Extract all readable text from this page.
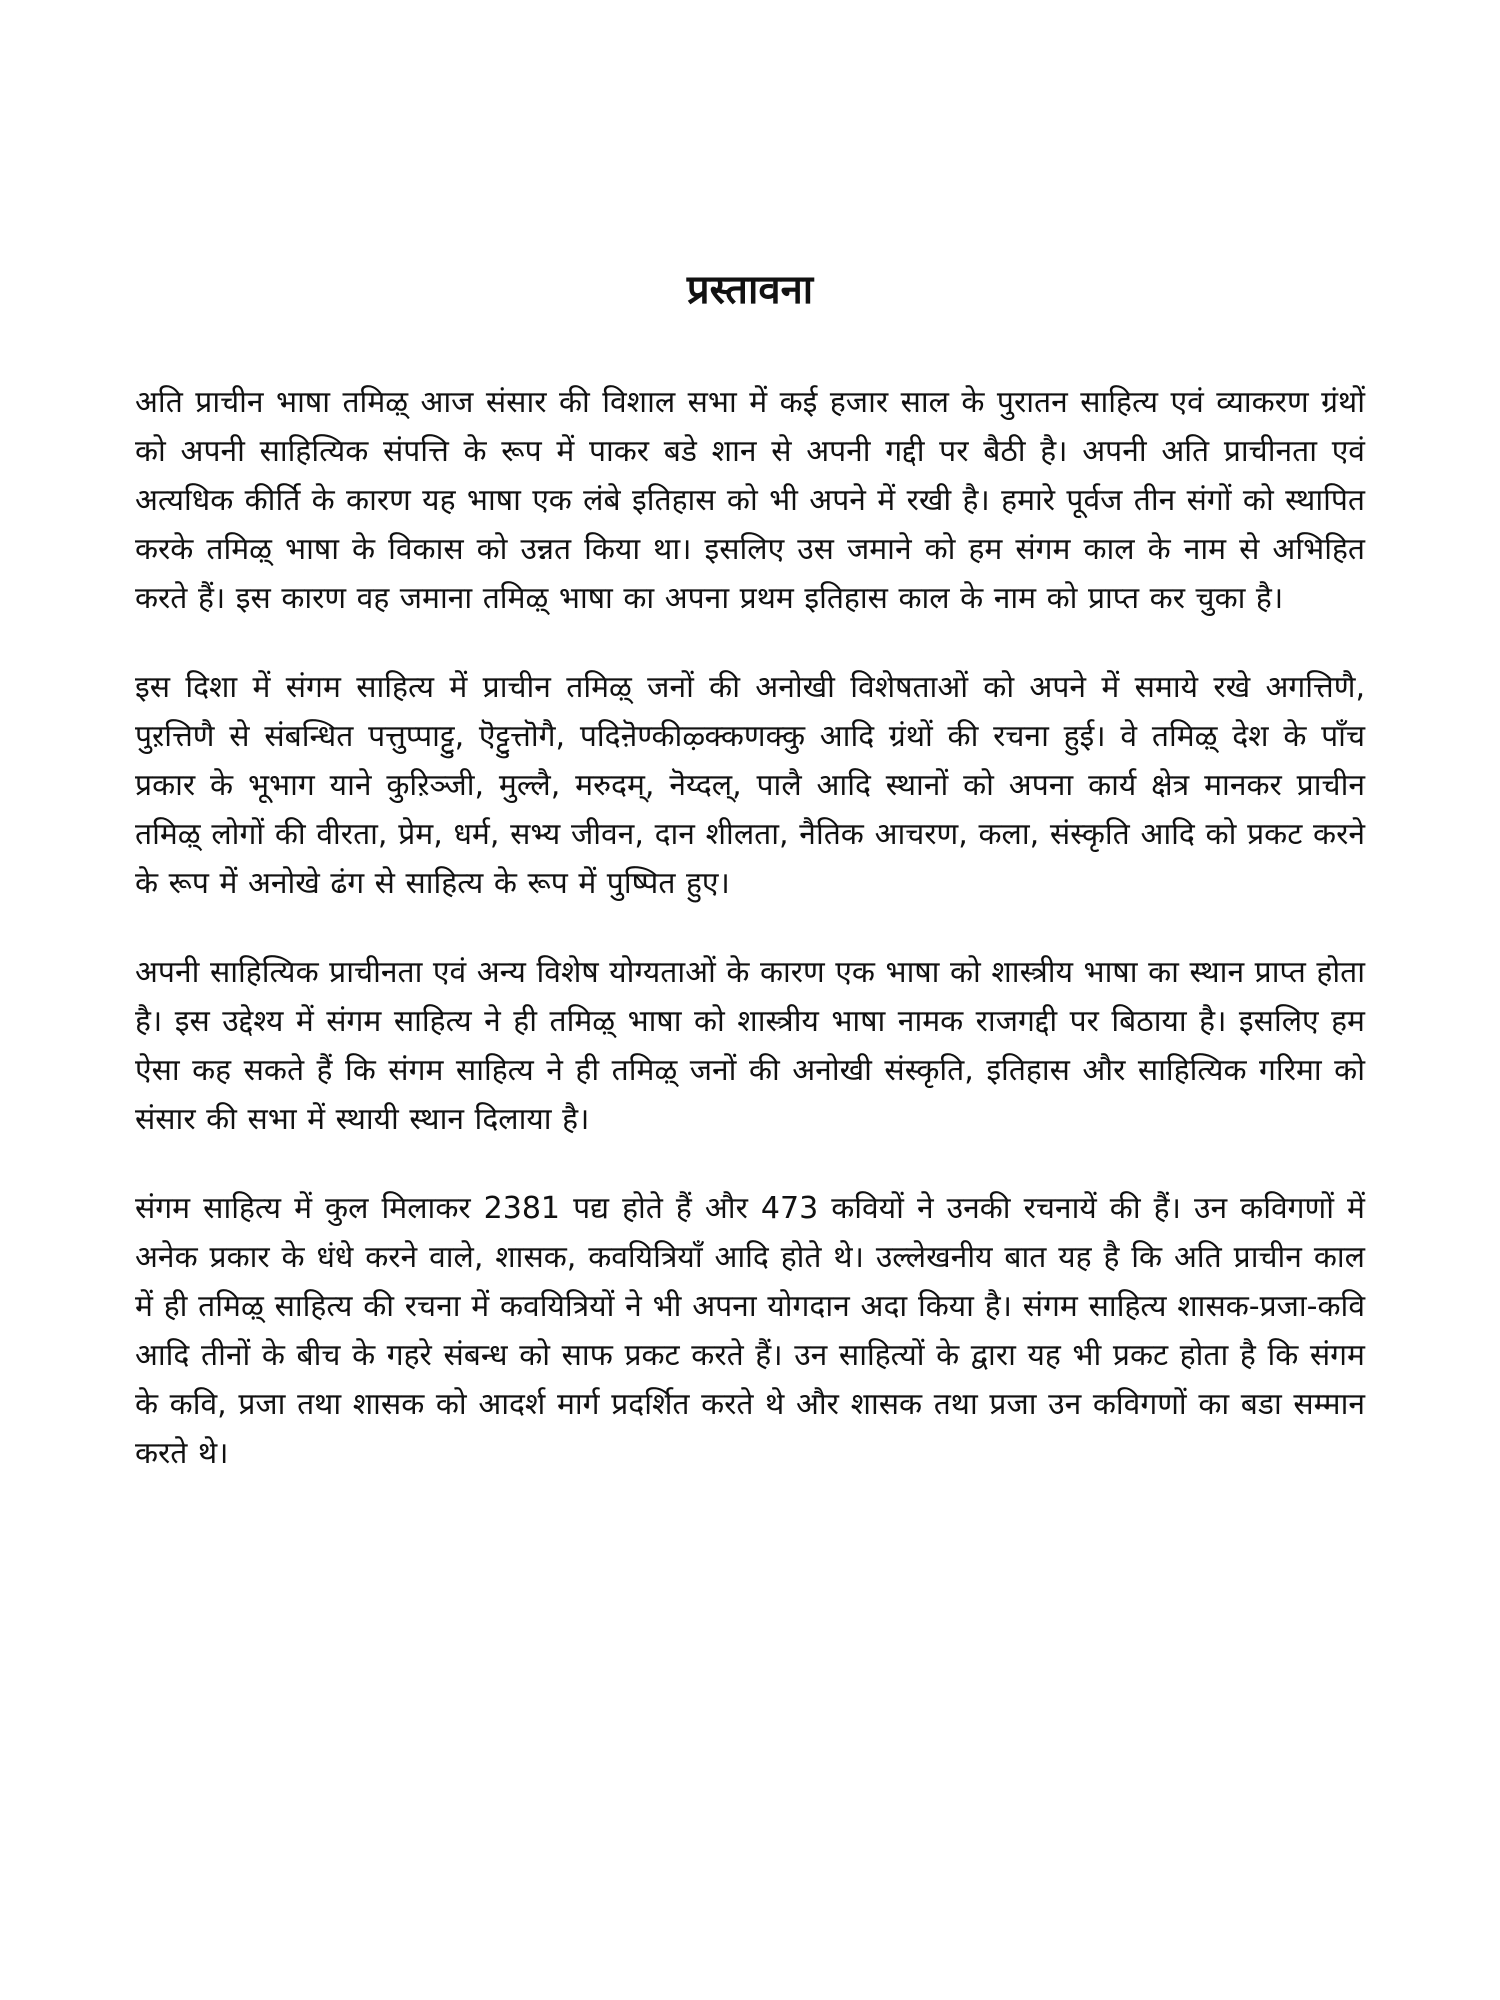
प्रस्तावना

अति प्राचीन भाषा तमिऴ् आज संसार की विशाल सभा में कई हजार साल के पुरातन साहित्य एवं व्याकरण ग्रंथों को अपनी साहित्यिक संपत्ति के रूप में पाकर बडे शान से अपनी गद्दी पर बैठी है। अपनी अति प्राचीनता एवं अत्यधिक कीर्ति के कारण यह भाषा एक लंबे इतिहास को भी अपने में रखी है। हमारे पूर्वज तीन संगों को स्थापित करके तमिऴ् भाषा के विकास को उन्नत किया था। इसलिए उस जमाने को हम संगम काल के नाम से अभिहित करते हैं। इस कारण वह जमाना तमिऴ् भाषा का अपना प्रथम इतिहास काल के नाम को प्राप्त कर चुका है।

इस दिशा में संगम साहित्य में प्राचीन तमिऴ् जनों की अनोखी विशेषताओं को अपने में समाये रखे अगत्तिणै, पुऱत्तिणै से संबन्धित पत्तुप्पाट्टु, ऎट्टुत्तॊगै, पदिऩॆण्कीऴ्क्कणक्कु आदि ग्रंथों की रचना हुई। वे तमिऴ् देश के पाँच प्रकार के भूभाग याने कुऱिञ्जी, मुल्लै, मरुदम्, नॆय्दल्, पालै आदि स्थानों को अपना कार्य क्षेत्र मानकर प्राचीन तमिऴ् लोगों की वीरता, प्रेम, धर्म, सभ्य जीवन, दान शीलता, नैतिक आचरण, कला, संस्कृति आदि को प्रकट करने के रूप में अनोखे ढंग से साहित्य के रूप में पुष्पित हुए।

अपनी साहित्यिक प्राचीनता एवं अन्य विशेष योग्यताओं के कारण एक भाषा को शास्त्रीय भाषा का स्थान प्राप्त होता है। इस उद्देश्य में संगम साहित्य ने ही तमिऴ् भाषा को शास्त्रीय भाषा नामक राजगद्दी पर बिठाया है। इसलिए हम ऐसा कह सकते हैं कि संगम साहित्य ने ही तमिऴ् जनों की अनोखी संस्कृति, इतिहास और साहित्यिक गरिमा को संसार की सभा में स्थायी स्थान दिलाया है।

संगम साहित्य में कुल मिलाकर 2381 पद्य होते हैं और 473 कवियों ने उनकी रचनायें की हैं। उन कविगणों में अनेक प्रकार के धंधे करने वाले, शासक, कवयित्रियाँ आदि होते थे। उल्लेखनीय बात यह है कि अति प्राचीन काल में ही तमिऴ् साहित्य की रचना में कवयित्रियों ने भी अपना योगदान अदा किया है। संगम साहित्य शासक-प्रजा-कवि आदि तीनों के बीच के गहरे संबन्ध को साफ प्रकट करते हैं। उन साहित्यों के द्वारा यह भी प्रकट होता है कि संगम के कवि, प्रजा तथा शासक को आदर्श मार्ग प्रदर्शित करते थे और शासक तथा प्रजा उन कविगणों का बडा सम्मान करते थे।
